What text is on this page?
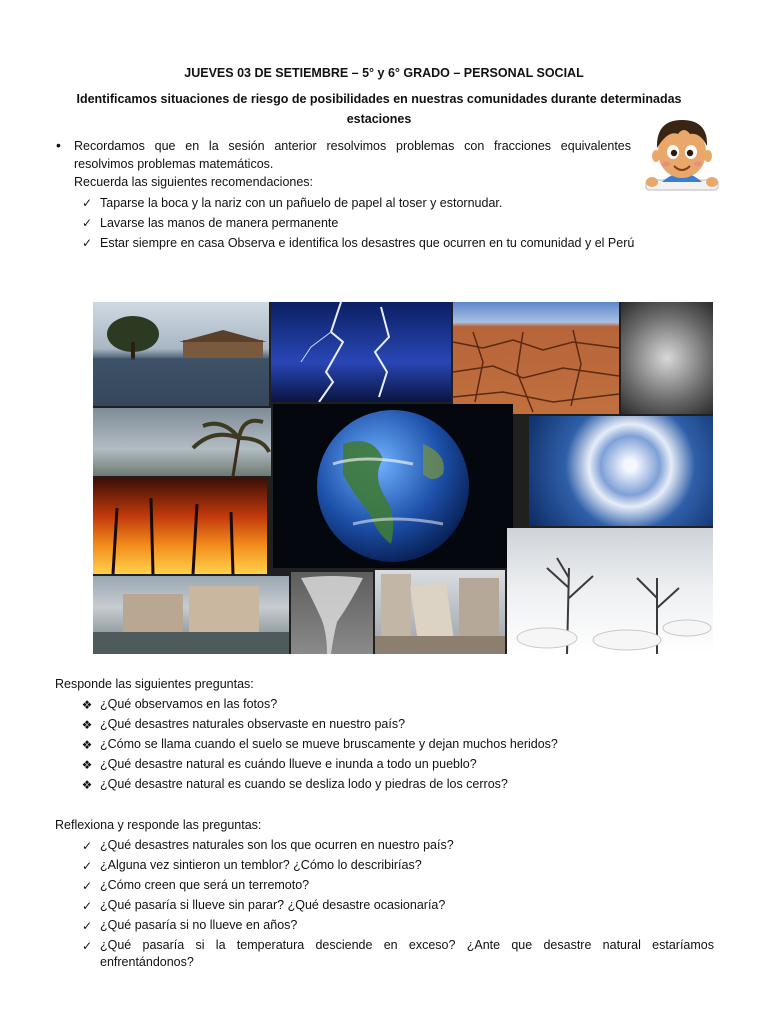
JUEVES 03 DE SETIEMBRE – 5° y 6° GRADO – PERSONAL SOCIAL
Identificamos situaciones de riesgo de posibilidades en nuestras comunidades durante determinadas estaciones
•	Recordamos que en la sesión anterior resolvimos problemas con fracciones equivalentes resolvimos problemas matemáticos.
Recuerda las siguientes recomendaciones:
✓ Taparse la boca y la nariz con un pañuelo de papel al toser y estornudar.
✓ Lavarse las manos de manera permanente
✓ Estar siempre en casa Observa e identifica los desastres que ocurren en tu comunidad y el Perú
Responde las siguientes preguntas:
❖ ¿Qué observamos en las fotos?
❖ ¿Qué desastres naturales observaste en nuestro país?
❖ ¿Cómo se llama cuando el suelo se mueve bruscamente y dejan muchos heridos?
❖ ¿Qué desastre natural es cuándo llueve e inunda a todo un pueblo?
❖ ¿Qué desastre natural es cuando se desliza lodo y piedras de los cerros?
Reflexiona y responde las preguntas:
✓ ¿Qué desastres naturales son los que ocurren en nuestro país?
✓ ¿Alguna vez sintieron un temblor? ¿Cómo lo describirías?
✓ ¿Cómo creen que será un terremoto?
✓ ¿Qué pasaría si llueve sin parar? ¿Qué desastre ocasionaría?
✓ ¿Qué pasaría si no llueve en años?
✓ ¿Qué pasaría si la temperatura desciende en exceso? ¿Ante que desastre natural estaríamos enfrentándonos?
